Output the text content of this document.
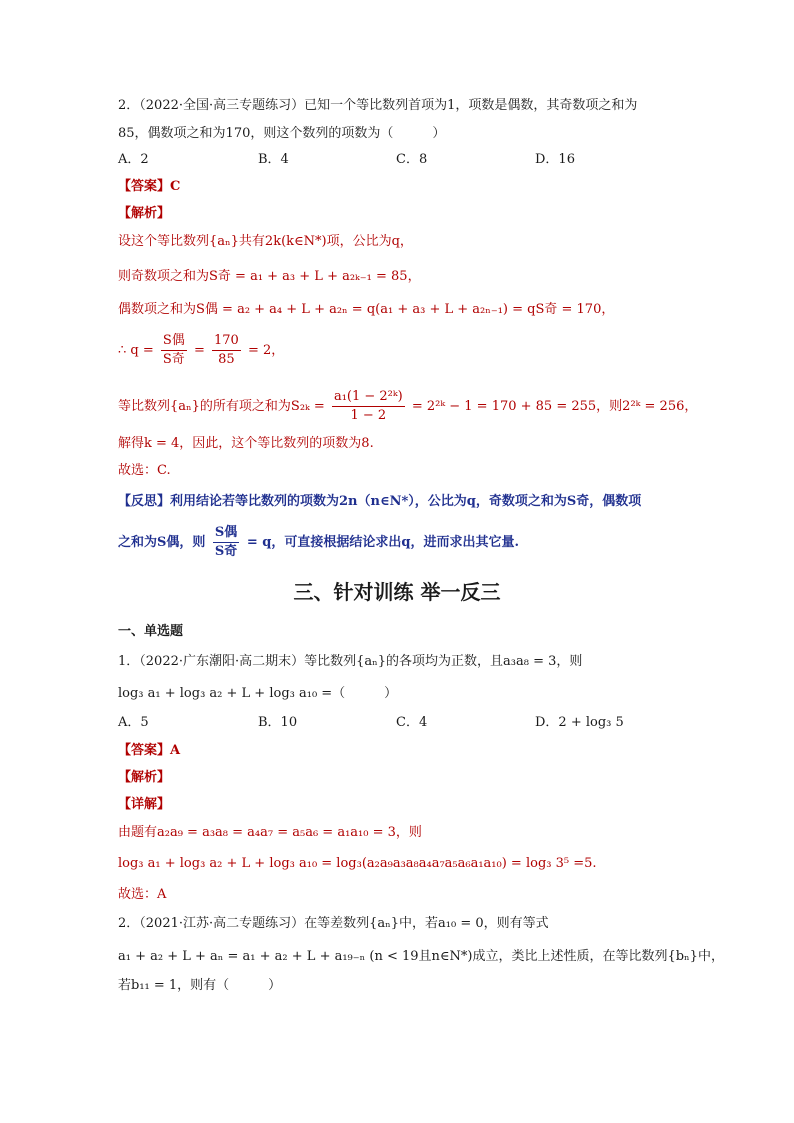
2．（2022·全国·高三专题练习）已知一个等比数列首项为1，项数是偶数，其奇数项之和为
85，偶数项之和为170，则这个数列的项数为（　　　）
A．2	B．4	C．8	D．16
【答案】C
【解析】
设这个等比数列{aₙ}共有2k(k∈N*)项，公比为q，
则奇数项之和为S奇 = a₁ + a₃ + L + a₂ₖ₋₁ = 85，
偶数项之和为S偶 = a₂ + a₄ + L + a₂ₙ = q(a₁ + a₃ + L + a₂ₙ₋₁) = qS奇 = 170，
∴ $q = \frac{\text{S偶}}{\text{S奇}} = \frac{170}{85} = 2$，
等比数列{aₙ}的所有项之和为$S_{2k} = \frac{\text{a₁(1 − 2²ᵏ)}}{1 - 2}$ = 2²ᵏ − 1 = 170 + 85 = 255，则2²ᵏ = 256，
解得k = 4，因此，这个等比数列的项数为8.
故选：C.
【反思】利用结论若等比数列的项数为2n（n∈N*），公比为q，奇数项之和为S奇，偶数项
之和为S偶，则 $\frac{\text{S偶}}{\text{S奇}} = q$，可直接根据结论求出q，进而求出其它量.
三、针对训练 举一反三
一、单选题
1．（2022·广东潮阳·高二期末）等比数列{aₙ}的各项均为正数，且a₃a₈ = 3，则
log₃ a₁ + log₃ a₂ + L + log₃ a₁₀ =（　　　）
A．5	B．10	C．4	D．2 + log₃ 5
【答案】A
【解析】
【详解】
由题有a₂a₉ = a₃a₈ = a₄a₇ = a₅a₆ = a₁a₁₀ = 3，则
log₃ a₁ + log₃ a₂ + L + log₃ a₁₀ = log₃(a₂a₉a₃a₈a₄a₇a₅a₆a₁a₁₀) = log₃ 3⁵ =5.
故选：A
2．（2021·江苏·高二专题练习）在等差数列{aₙ}中，若a₁₀ = 0，则有等式
a₁ + a₂ + L + aₙ = a₁ + a₂ + L + a₁₉₋ₙ (n < 19且n∈N*)成立，类比上述性质，在等比数列{bₙ}中，
若b₁₁ = 1，则有（　　　）
